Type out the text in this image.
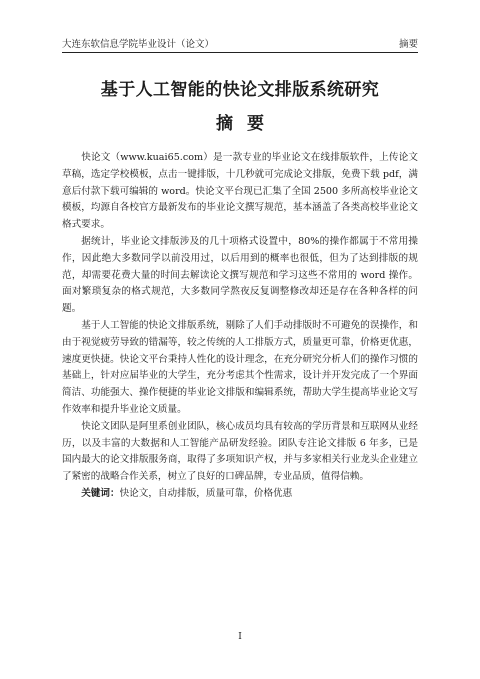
大连东软信息学院毕业设计（论文）	摘要
基于人工智能的快论文排版系统研究
摘要

快论文（www.kuai65.com）是一款专业的毕业论文在线排版软件，上传论文草稿，选定学校模板，点击一键排版，十几秒就可完成论文排版，免费下载 pdf，满意后付款下载可编辑的 word。快论文平台现已汇集了全国 2500 多所高校毕业论文模板，均源自各校官方最新发布的毕业论文撰写规范，基本涵盖了各类高校毕业论文格式要求。

据统计，毕业论文排版涉及的几十项格式设置中，80%的操作都属于不常用操作，因此绝大多数同学以前没用过，以后用到的概率也很低，但为了达到排版的规范，却需要花费大量的时间去解读论文撰写规范和学习这些不常用的 word 操作。面对繁琐复杂的格式规范，大多数同学熬夜反复调整修改却还是存在各种各样的问题。

基于人工智能的快论文排版系统，剔除了人们手动排版时不可避免的误操作，和由于视觉疲劳导致的错漏等，较之传统的人工排版方式，质量更可靠，价格更优惠，速度更快捷。快论文平台秉持人性化的设计理念，在充分研究分析人们的操作习惯的基础上，针对应届毕业的大学生，充分考虑其个性需求，设计并开发完成了一个界面简洁、功能强大、操作便捷的毕业论文排版和编辑系统，帮助大学生提高毕业论文写作效率和提升毕业论文质量。

快论文团队是阿里系创业团队，核心成员均具有较高的学历背景和互联网从业经历，以及丰富的大数据和人工智能产品研发经验。团队专注论文排版 6 年多，已是国内最大的论文排版服务商，取得了多项知识产权，并与多家相关行业龙头企业建立了紧密的战略合作关系，树立了良好的口碑品牌，专业品质，值得信赖。

关键词：快论文，自动排版，质量可靠，价格优惠

I
